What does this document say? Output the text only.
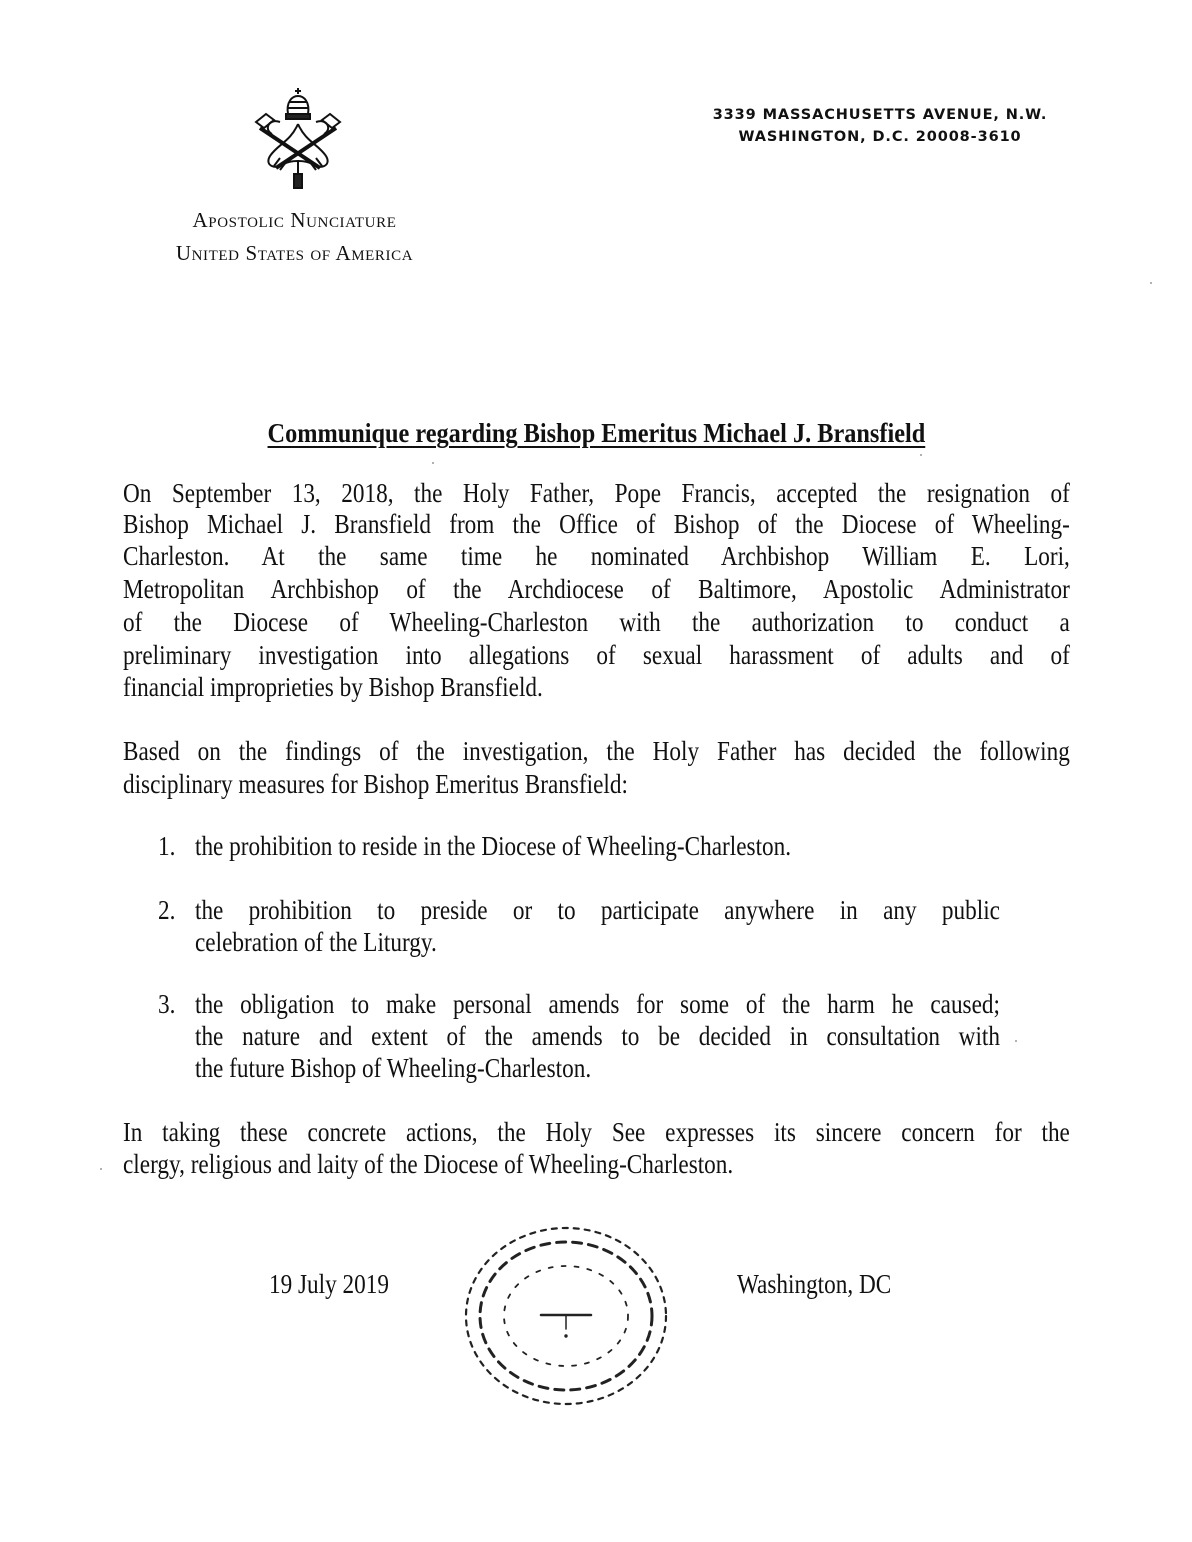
3339 MASSACHUSETTS AVENUE, N.W.
WASHINGTON, D.C. 20008-3610
Apostolic Nunciature
United States of America
Communique regarding Bishop Emeritus Michael J. Bransfield
On September 13, 2018, the Holy Father, Pope Francis, accepted the resignation of
Bishop Michael J. Bransfield from the Office of Bishop of the Diocese of Wheeling-
Charleston. At the same time he nominated Archbishop William E. Lori,
Metropolitan Archbishop of the Archdiocese of Baltimore, Apostolic Administrator
of the Diocese of Wheeling-Charleston with the authorization to conduct a
preliminary investigation into allegations of sexual harassment of adults and of
financial improprieties by Bishop Bransfield.
Based on the findings of the investigation, the Holy Father has decided the following
disciplinary measures for Bishop Emeritus Bransfield:
1. the prohibition to reside in the Diocese of Wheeling-Charleston.
2. the prohibition to preside or to participate anywhere in any public
celebration of the Liturgy.
3. the obligation to make personal amends for some of the harm he caused;
the nature and extent of the amends to be decided in consultation with
the future Bishop of Wheeling-Charleston.
In taking these concrete actions, the Holy See expresses its sincere concern for the
clergy, religious and laity of the Diocese of Wheeling-Charleston.
19 July 2019	Washington, DC
